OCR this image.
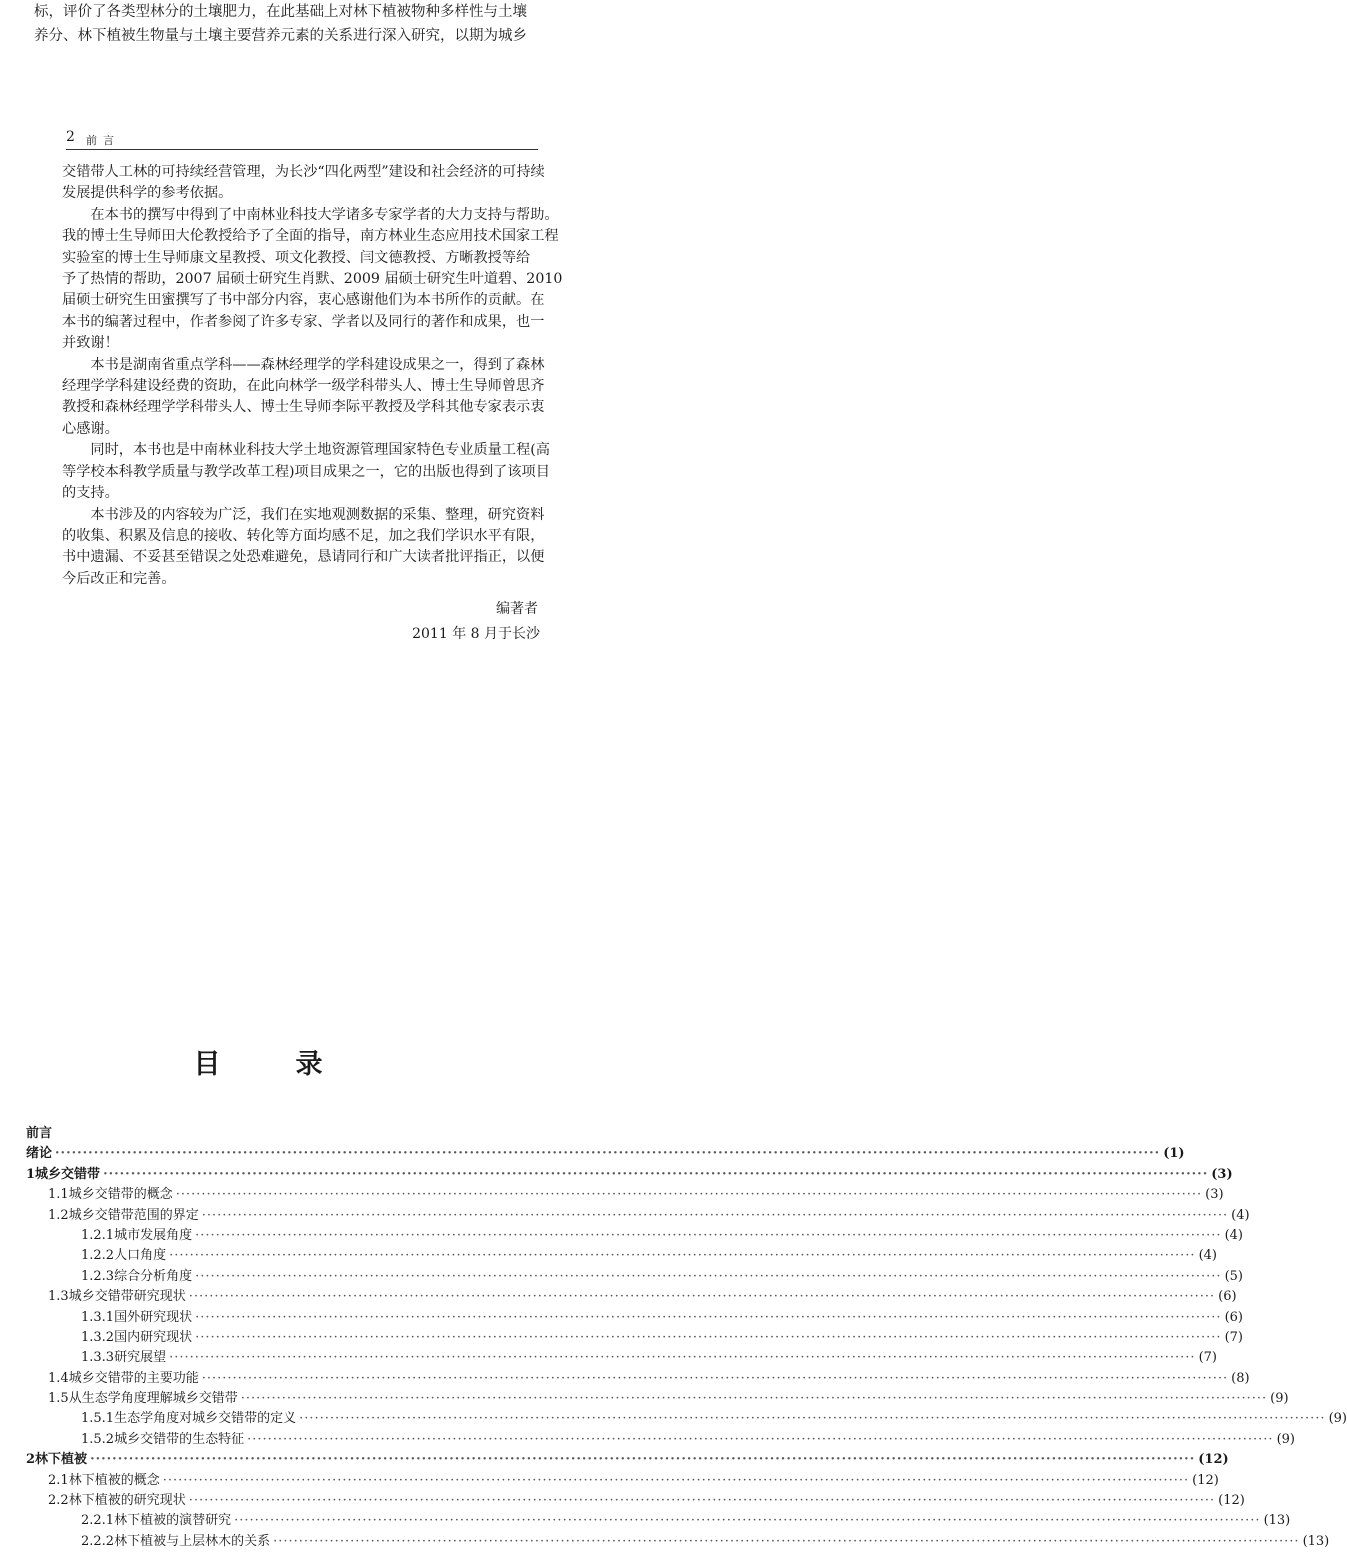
标，评价了各类型林分的土壤肥力，在此基础上对林下植被物种多样性与土壤
养分、林下植被生物量与土壤主要营养元素的关系进行深入研究，以期为城乡
2 前言
交错带人工林的可持续经营管理，为长沙“四化两型”建设和社会经济的可持续
发展提供科学的参考依据。
　　在本书的撰写中得到了中南林业科技大学诸多专家学者的大力支持与帮助。
我的博士生导师田大伦教授给予了全面的指导，南方林业生态应用技术国家工程
实验室的博士生导师康文星教授、项文化教授、闫文德教授、方晰教授等给
予了热情的帮助，2007 届硕士研究生肖默、2009 届硕士研究生叶道碧、2010
届硕士研究生田蜜撰写了书中部分内容，衷心感谢他们为本书所作的贡献。在
本书的编著过程中，作者参阅了许多专家、学者以及同行的著作和成果，也一
并致谢！
　　本书是湖南省重点学科——森林经理学的学科建设成果之一，得到了森林
经理学学科建设经费的资助，在此向林学一级学科带头人、博士生导师曾思齐
教授和森林经理学学科带头人、博士生导师李际平教授及学科其他专家表示衷
心感谢。
　　同时，本书也是中南林业科技大学土地资源管理国家特色专业质量工程(高
等学校本科教学质量与教学改革工程)项目成果之一，它的出版也得到了该项目
的支持。
　　本书涉及的内容较为广泛，我们在实地观测数据的采集、整理，研究资料
的收集、积累及信息的接收、转化等方面均感不足，加之我们学识水平有限，
书中遗漏、不妥甚至错误之处恐难避免，恳请同行和广大读者批评指正，以便
今后改正和完善。
编著者
2011 年 8 月于长沙
目　录
前言
绪论 ········································································································································································································ (1)
1 城乡交错带 ········································································································································································································ (3)
1.1 城乡交错带的概念 ········································································································································································································ (3)
1.2 城乡交错带范围的界定 ········································································································································································································ (4)
1.2.1 城市发展角度 ········································································································································································································ (4)
1.2.2 人口角度 ········································································································································································································ (4)
1.2.3 综合分析角度 ········································································································································································································ (5)
1.3 城乡交错带研究现状 ········································································································································································································ (6)
1.3.1 国外研究现状 ········································································································································································································ (6)
1.3.2 国内研究现状 ········································································································································································································ (7)
1.3.3 研究展望 ········································································································································································································ (7)
1.4 城乡交错带的主要功能 ········································································································································································································ (8)
1.5 从生态学角度理解城乡交错带 ········································································································································································································ (9)
1.5.1 生态学角度对城乡交错带的定义 ········································································································································································································ (9)
1.5.2 城乡交错带的生态特征 ········································································································································································································ (9)
2 林下植被 ········································································································································································································ (12)
2.1 林下植被的概念 ········································································································································································································ (12)
2.2 林下植被的研究现状 ········································································································································································································ (12)
2.2.1 林下植被的演替研究 ········································································································································································································ (13)
2.2.2 林下植被与上层林木的关系 ········································································································································································································ (13)
